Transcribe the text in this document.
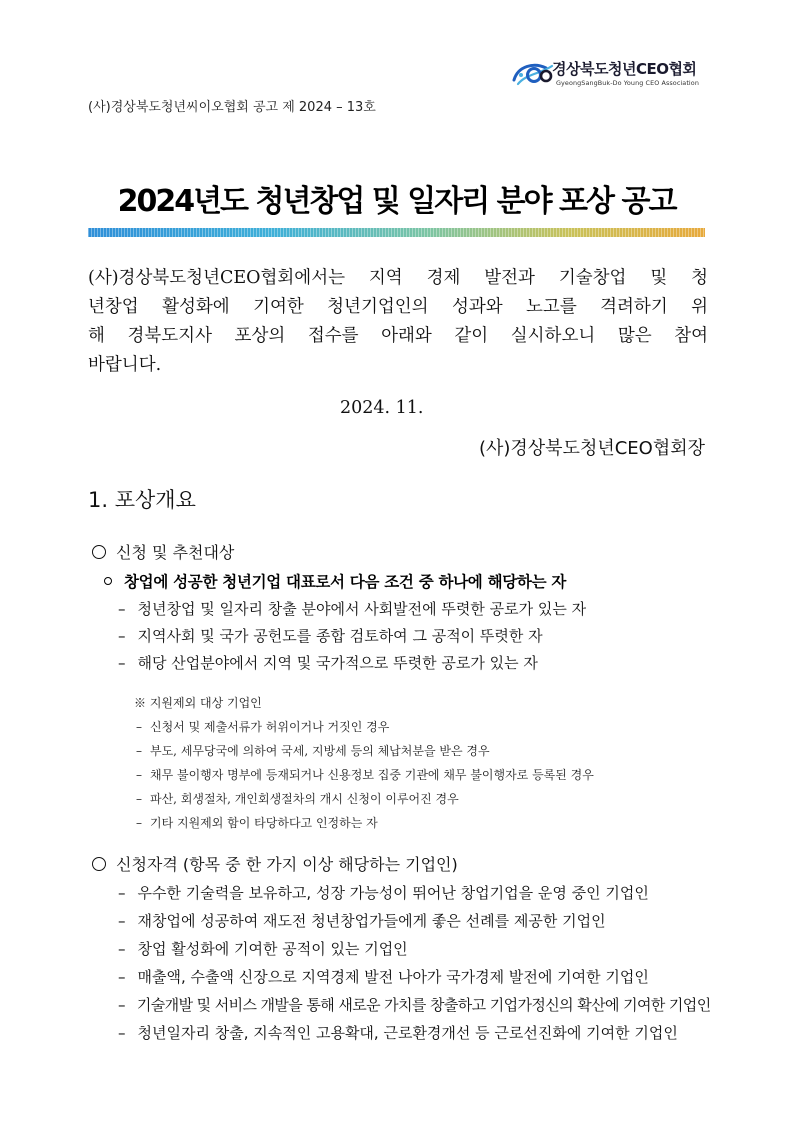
경상북도청년CEO협회
GyeongSangBuk-Do Young CEO Association
(사)경상북도청년씨이오협회 공고 제 2024 – 13호
2024년도 청년창업 및 일자리 분야 포상 공고
(사)경상북도청년CEO협회에서는 지역 경제 발전과 기술창업 및 청
년창업 활성화에 기여한 청년기업인의 성과와 노고를 격려하기 위
해 경북도지사 포상의 접수를 아래와 같이 실시하오니 많은 참여
바랍니다.
2024. 11.
(사)경상북도청년CEO협회장
1. 포상개요
신청 및 추천대상
창업에 성공한 청년기업 대표로서 다음 조건 중 하나에 해당하는 자
– 청년창업 및 일자리 창출 분야에서 사회발전에 뚜렷한 공로가 있는 자
– 지역사회 및 국가 공헌도를 종합 검토하여 그 공적이 뚜렷한 자
– 해당 산업분야에서 지역 및 국가적으로 뚜렷한 공로가 있는 자
※ 지원제외 대상 기업인
– 신청서 및 제출서류가 허위이거나 거짓인 경우
– 부도, 세무당국에 의하여 국세, 지방세 등의 체납처분을 받은 경우
– 채무 불이행자 명부에 등재되거나 신용정보 집중 기관에 채무 불이행자로 등록된 경우
– 파산, 회생절차, 개인회생절차의 개시 신청이 이루어진 경우
– 기타 지원제외 함이 타당하다고 인정하는 자
신청자격 (항목 중 한 가지 이상 해당하는 기업인)
– 우수한 기술력을 보유하고, 성장 가능성이 뛰어난 창업기업을 운영 중인 기업인
– 재창업에 성공하여 재도전 청년창업가들에게 좋은 선례를 제공한 기업인
– 창업 활성화에 기여한 공적이 있는 기업인
– 매출액, 수출액 신장으로 지역경제 발전 나아가 국가경제 발전에 기여한 기업인
– 기술개발 및 서비스 개발을 통해 새로운 가치를 창출하고 기업가정신의 확산에 기여한 기업인
– 청년일자리 창출, 지속적인 고용확대, 근로환경개선 등 근로선진화에 기여한 기업인
